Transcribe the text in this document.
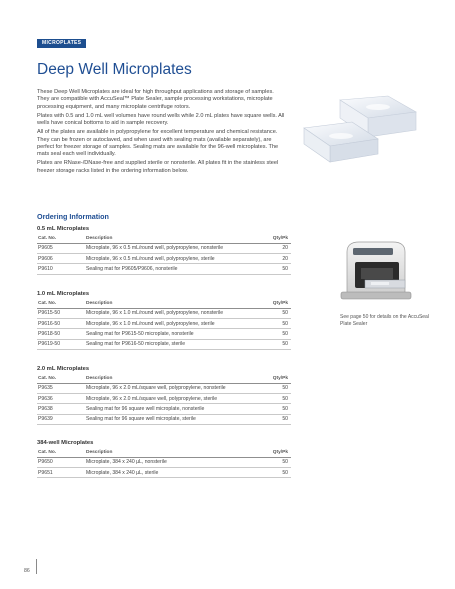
MICROPLATES
Deep Well Microplates

These Deep Well Microplates are ideal for high throughput applications and storage of samples. They are compatible with AccuSeal™ Plate Sealer, sample processing workstations, microplate processing equipment, and many microplate centrifuge rotors.

Plates with 0.5 and 1.0 mL well volumes have round wells while 2.0 mL plates have square wells. All wells have conical bottoms to aid in sample recovery.

All of the plates are available in polypropylene for excellent temperature and chemical resistance. They can be frozen or autoclaved, and when used with sealing mats (available separately), are perfect for freezer storage of samples. Sealing mats are available for the 96-well microplates. The mats seal each well individually.

Plates are RNase-/DNase-free and supplied sterile or nonsterile. All plates fit in the stainless steel freezer storage racks listed in the ordering information below.

See page 50 for details on the AccuSeal Plate Sealer
Ordering Information
0.5 mL Microplates
Cat. No.	Description	Qty/Pk
P9605	Microplate, 96 x 0.5 mL/round well, polypropylene, nonsterile	20
P9606	Microplate, 96 x 0.5 mL/round well, polypropylene, sterile	20
P9610	Sealing mat for P9605/P9606, nonsterile	50
1.0 mL Microplates
Cat. No.	Description	Qty/Pk
P9615-50	Microplate, 96 x 1.0 mL/round well, polypropylene, nonsterile	50
P9616-50	Microplate, 96 x 1.0 mL/round well, polypropylene, sterile	50
P9618-50	Sealing mat for P9615-50 microplate, nonsterile	50
P9619-50	Sealing mat for P9616-50 microplate, sterile	50
2.0 mL Microplates
Cat. No.	Description	Qty/Pk
P9635	Microplate, 96 x 2.0 mL/square well, polypropylene, nonsterile	50
P9636	Microplate, 96 x 2.0 mL/square well, polypropylene, sterile	50
P9638	Sealing mat for 96 square well microplate, nonsterile	50
P9639	Sealing mat for 96 square well microplate, sterile	50
384-well Microplates
Cat. No.	Description	Qty/Pk
P9650	Microplate, 384 x 240 µL, nonsterile	50
P9651	Microplate, 384 x 240 µL, sterile	50
86
